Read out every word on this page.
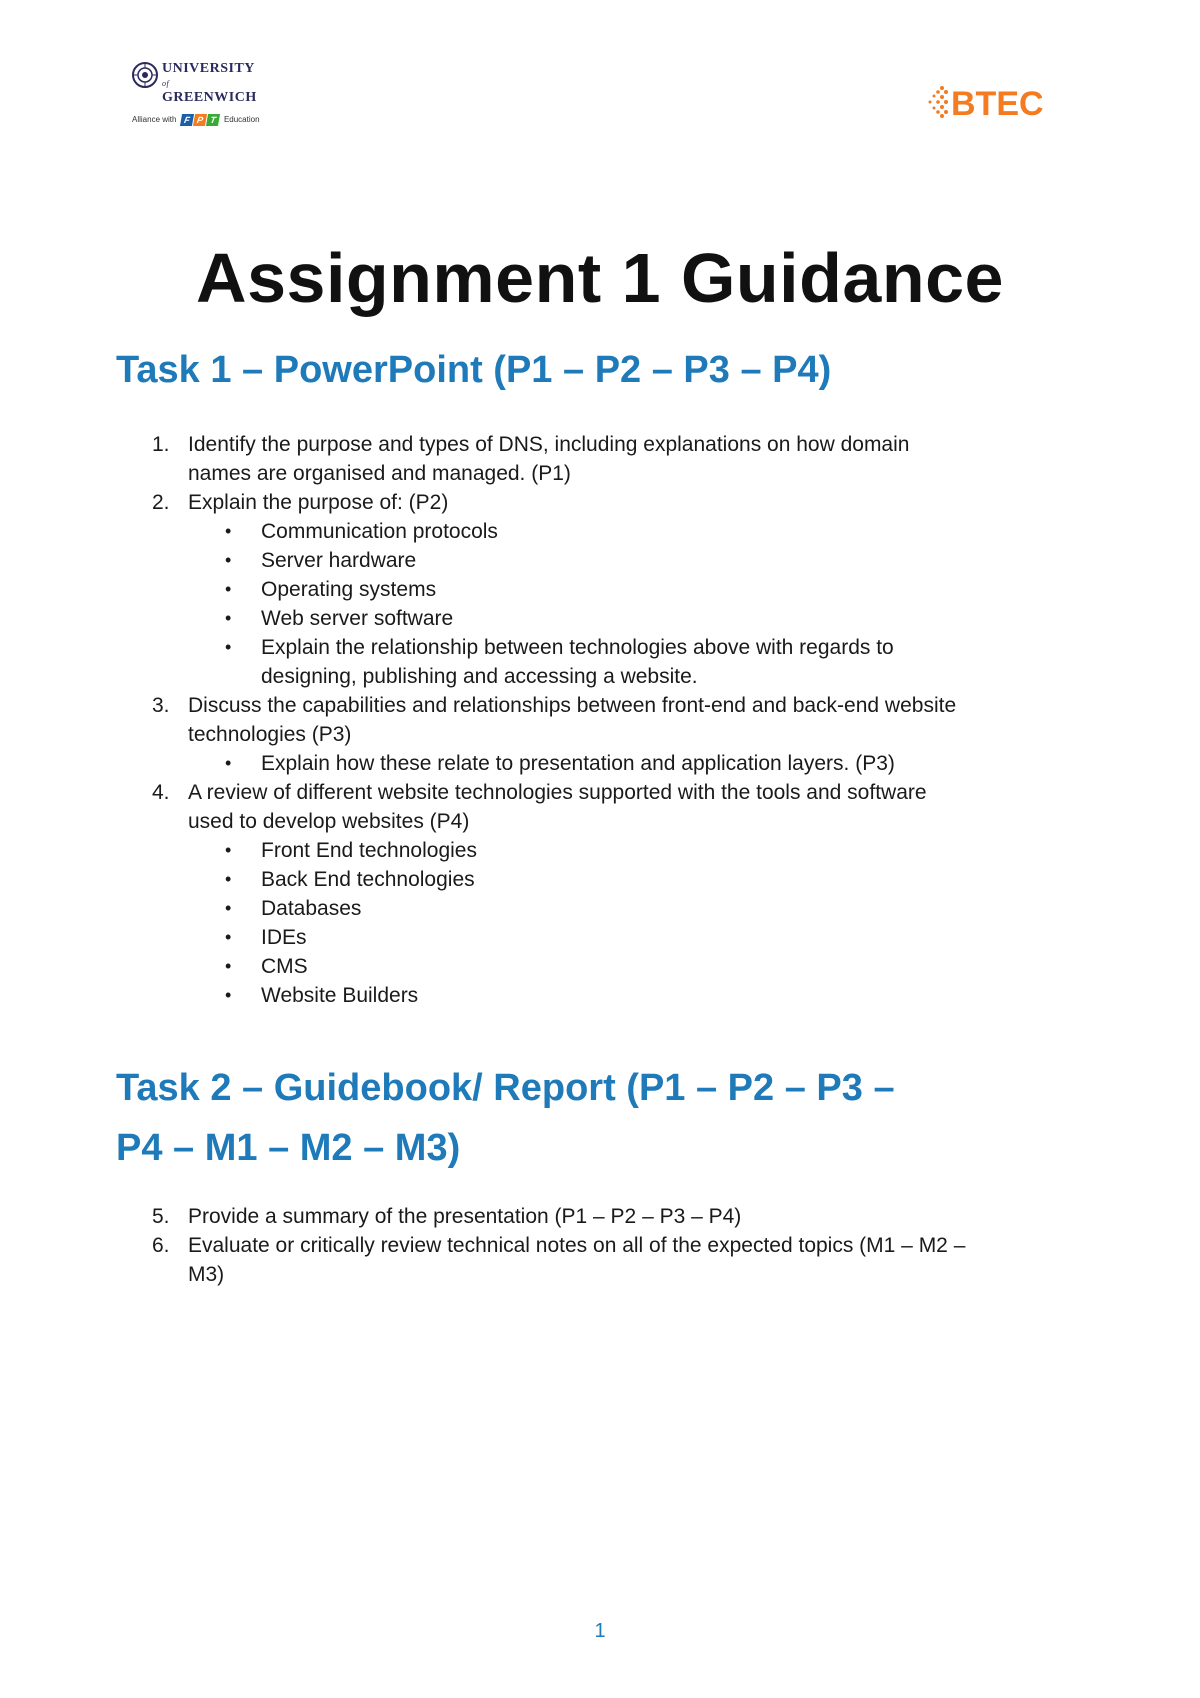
UNIVERSITY
of
GREENWICH
Alliance with F P T Education	BTEC
Assignment 1 Guidance
Task 1 – PowerPoint (P1 – P2 – P3 – P4)
1. Identify the purpose and types of DNS, including explanations on how domain
names are organised and managed. (P1)
2. Explain the purpose of: (P2)
• Communication protocols
• Server hardware
• Operating systems
• Web server software
• Explain the relationship between technologies above with regards to
designing, publishing and accessing a website.
3. Discuss the capabilities and relationships between front-end and back-end website
technologies (P3)
• Explain how these relate to presentation and application layers. (P3)
4. A review of different website technologies supported with the tools and software
used to develop websites (P4)
• Front End technologies
• Back End technologies
• Databases
• IDEs
• CMS
• Website Builders
Task 2 – Guidebook/ Report (P1 – P2 – P3 –
P4 – M1 – M2 – M3)
5. Provide a summary of the presentation (P1 – P2 – P3 – P4)
6. Evaluate or critically review technical notes on all of the expected topics (M1 – M2 –
M3)
1
